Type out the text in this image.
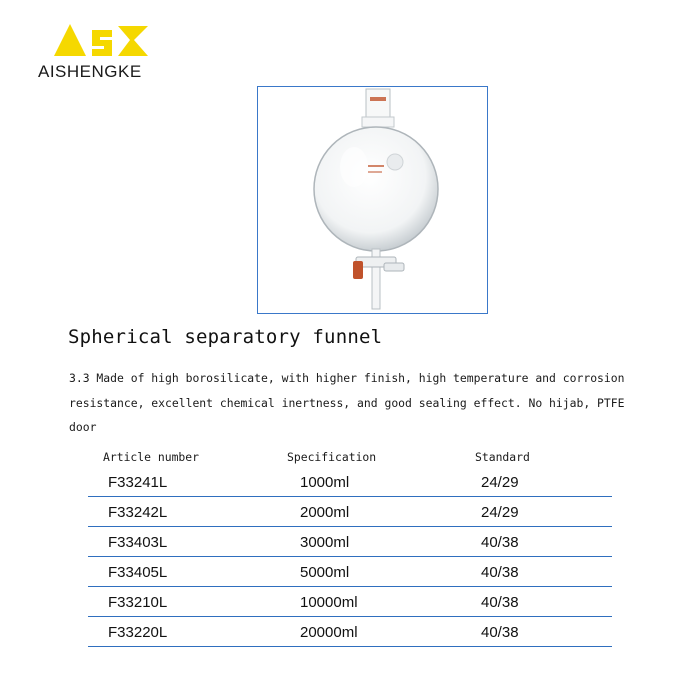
AISHENGKE
Spherical separatory funnel
3.3 Made of high borosilicate, with higher finish, high temperature and corrosion resistance, excellent chemical inertness, and good sealing effect. No hijab, PTFE door
Article number	Specification	Standard
F33241L	1000ml	24/29
F33242L	2000ml	24/29
F33403L	3000ml	40/38
F33405L	5000ml	40/38
F33210L	10000ml	40/38
F33220L	20000ml	40/38
